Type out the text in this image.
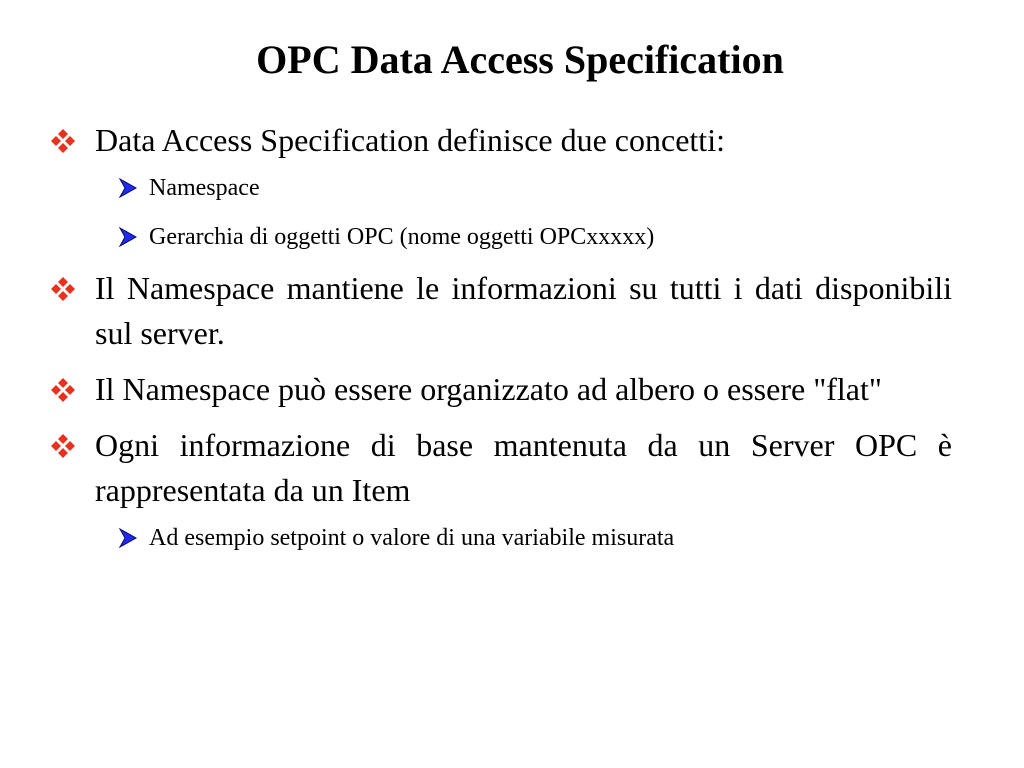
OPC Data Access Specification
Data Access Specification definisce due concetti:
Namespace
Gerarchia di oggetti OPC (nome oggetti OPCxxxxx)
Il Namespace mantiene le informazioni su tutti i dati disponibili sul server.
Il Namespace può essere organizzato ad albero o essere "flat"
Ogni informazione di base mantenuta da un Server OPC è rappresentata da un Item
Ad esempio setpoint o valore di una variabile misurata
